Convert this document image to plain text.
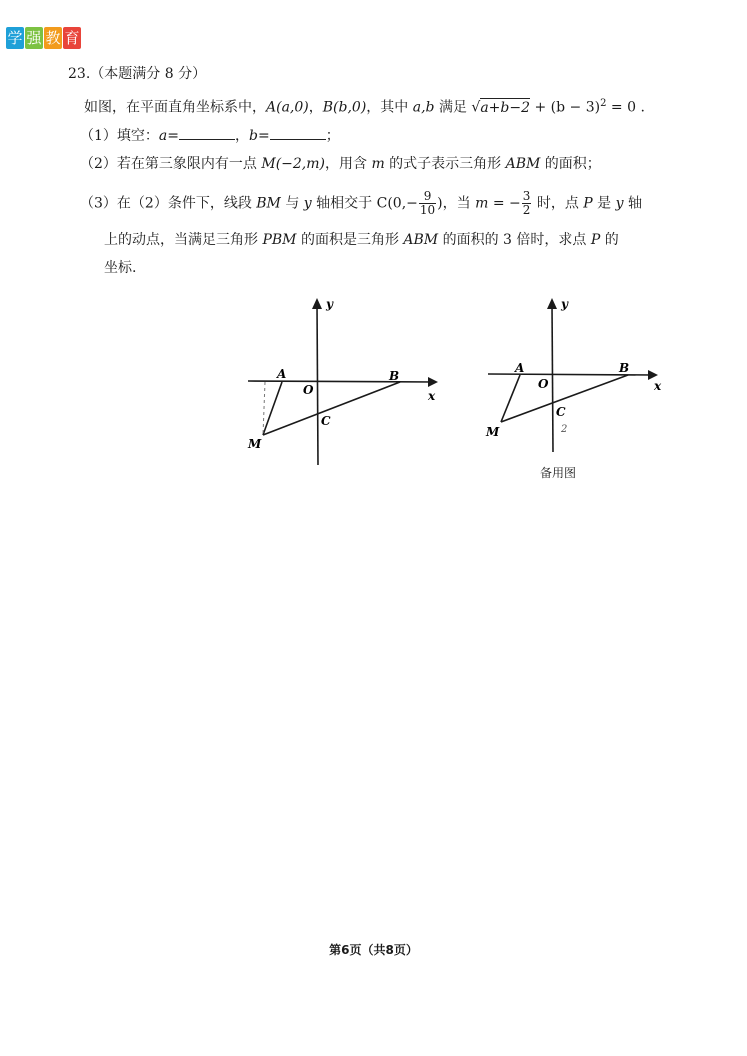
学 强 教 育
23.（本题满分 8 分）
如图，在平面直角坐标系中，A(a,0)，B(b,0)，其中 a,b 满足 $√a+b-2 + (b - 3)^2 = 0$ .
（1）填空：a=	，b=	；
（2）若在第三象限内有一点 M(−2,m)，用含 m 的式子表示三角形 ABM 的面积；
（3）在（2）条件下，线段 BM 与 y 轴相交于 $C(0,- \frac{9}{10}$ )，当 m = − $\frac{3}{2}$ 时，点 P 是 y 轴
上的动点，当满足三角形 PBM 的面积是三角形 ABM 的面积的 3 倍时，求点 P 的
坐标.
y
x
O
A	B
C
M
y
x
O
A	B
C
2
M
备用图
第6页（共8页）
